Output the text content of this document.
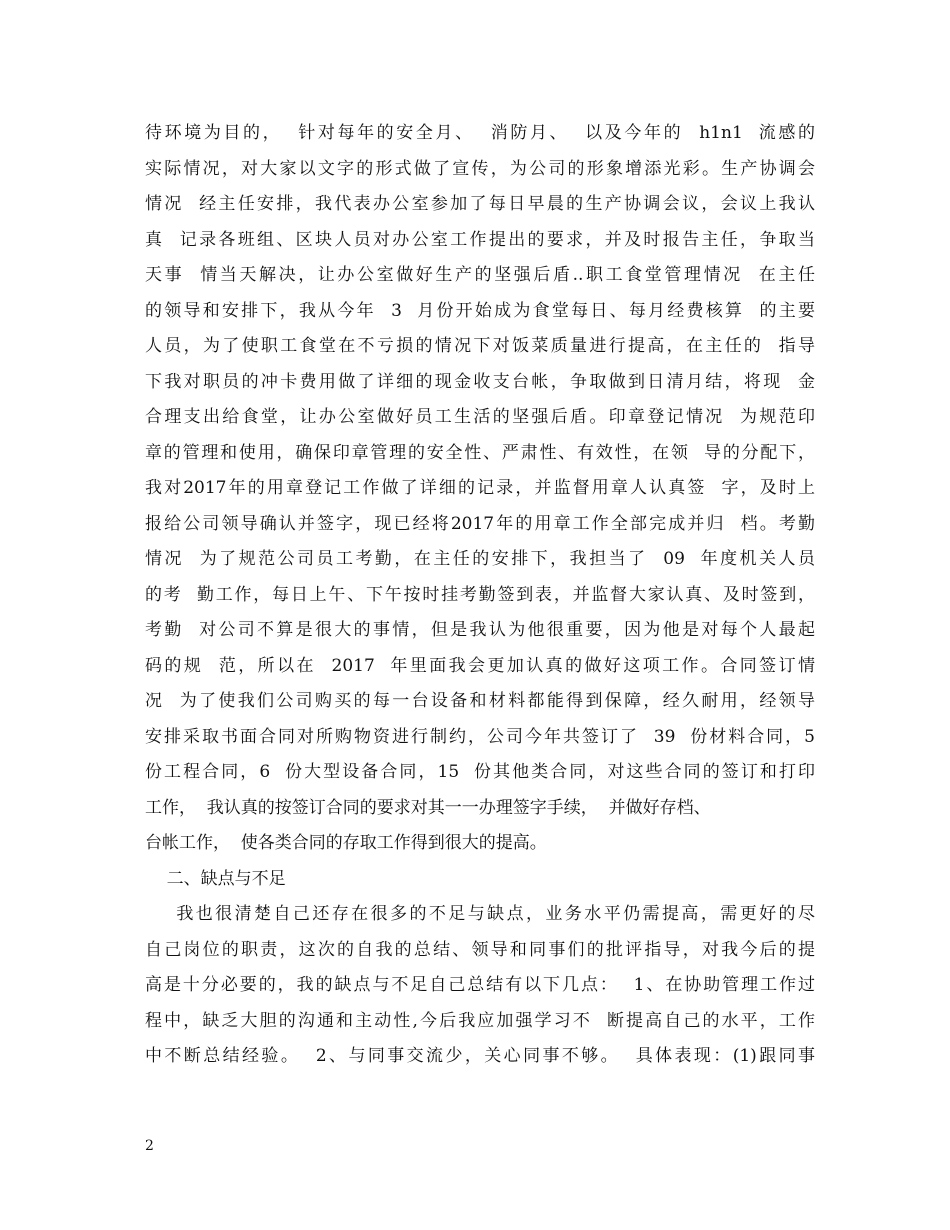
待环境为目的，  针对每年的安全月、  消防月、  以及今年的  h1n1  流感的
实际情况，对大家以文字的形式做了宣传，为公司的形象增添光彩。生产协调会
情况  经主任安排，我代表办公室参加了每日早晨的生产协调会议，会议上我认
真  记录各班组、区块人员对办公室工作提出的要求，并及时报告主任，争取当
天事  情当天解决，让办公室做好生产的坚强后盾..职工食堂管理情况  在主任
的领导和安排下，我从今年  3  月份开始成为食堂每日、每月经费核算  的主要
人员，为了使职工食堂在不亏损的情况下对饭菜质量进行提高，在主任的  指导
下我对职员的冲卡费用做了详细的现金收支台帐，争取做到日清月结，将现  金
合理支出给食堂，让办公室做好员工生活的坚强后盾。印章登记情况  为规范印
章的管理和使用，确保印章管理的安全性、严肃性、有效性，在领  导的分配下，
我对2017年的用章登记工作做了详细的记录，并监督用章人认真签  字，及时上
报给公司领导确认并签字，现已经将2017年的用章工作全部完成并归  档。考勤
情况  为了规范公司员工考勤，在主任的安排下，我担当了  09  年度机关人员
的考  勤工作，每日上午、下午按时挂考勤签到表，并监督大家认真、及时签到，
考勤  对公司不算是很大的事情，但是我认为他很重要，因为他是对每个人最起
码的规  范，所以在  2017  年里面我会更加认真的做好这项工作。合同签订情
况  为了使我们公司购买的每一台设备和材料都能得到保障，经久耐用，经领导
安排采取书面合同对所购物资进行制约，公司今年共签订了  39  份材料合同，5
份工程合同，6  份大型设备合同，15  份其他类合同，对这些合同的签订和打印
工作，  我认真的按签订合同的要求对其一一办理签字手续，  并做好存档、
台帐工作，  使各类合同的存取工作得到很大的提高。
二、缺点与不足
我也很清楚自己还存在很多的不足与缺点，业务水平仍需提高，需更好的尽
自己岗位的职责，这次的自我的总结、领导和同事们的批评指导，对我今后的提
高是十分必要的，我的缺点与不足自己总结有以下几点：  1、在协助管理工作过
程中，缺乏大胆的沟通和主动性,今后我应加强学习不  断提高自己的水平，工作
中不断总结经验。  2、与同事交流少，关心同事不够。  具体表现：(1)跟同事
2
